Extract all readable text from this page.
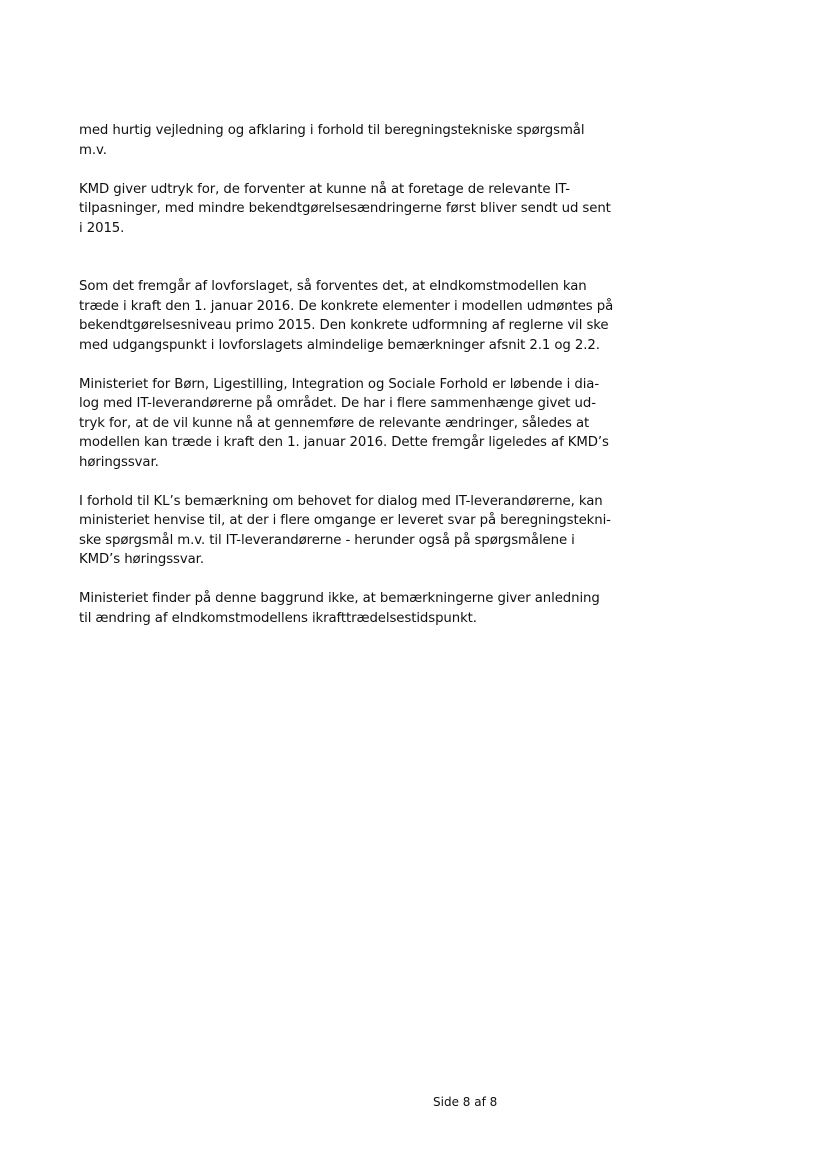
med hurtig vejledning og afklaring i forhold til beregningstekniske spørgsmål
m.v.

KMD giver udtryk for, de forventer at kunne nå at foretage de relevante IT-
tilpasninger, med mindre bekendtgørelsesændringerne først bliver sendt ud sent
i 2015.

Som det fremgår af lovforslaget, så forventes det, at eIndkomstmodellen kan
træde i kraft den 1. januar 2016. De konkrete elementer i modellen udmøntes på
bekendtgørelsesniveau primo 2015. Den konkrete udformning af reglerne vil ske
med udgangspunkt i lovforslagets almindelige bemærkninger afsnit 2.1 og 2.2.

Ministeriet for Børn, Ligestilling, Integration og Sociale Forhold er løbende i dia-
log med IT-leverandørerne på området. De har i flere sammenhænge givet ud-
tryk for, at de vil kunne nå at gennemføre de relevante ændringer, således at
modellen kan træde i kraft den 1. januar 2016. Dette fremgår ligeledes af KMD’s
høringssvar.

I forhold til KL’s bemærkning om behovet for dialog med IT-leverandørerne, kan
ministeriet henvise til, at der i flere omgange er leveret svar på beregningstekni-
ske spørgsmål m.v. til IT-leverandørerne - herunder også på spørgsmålene i
KMD’s høringssvar.

Ministeriet finder på denne baggrund ikke, at bemærkningerne giver anledning
til ændring af eIndkomstmodellens ikrafttrædelsestidspunkt.

Side 8 af 8
